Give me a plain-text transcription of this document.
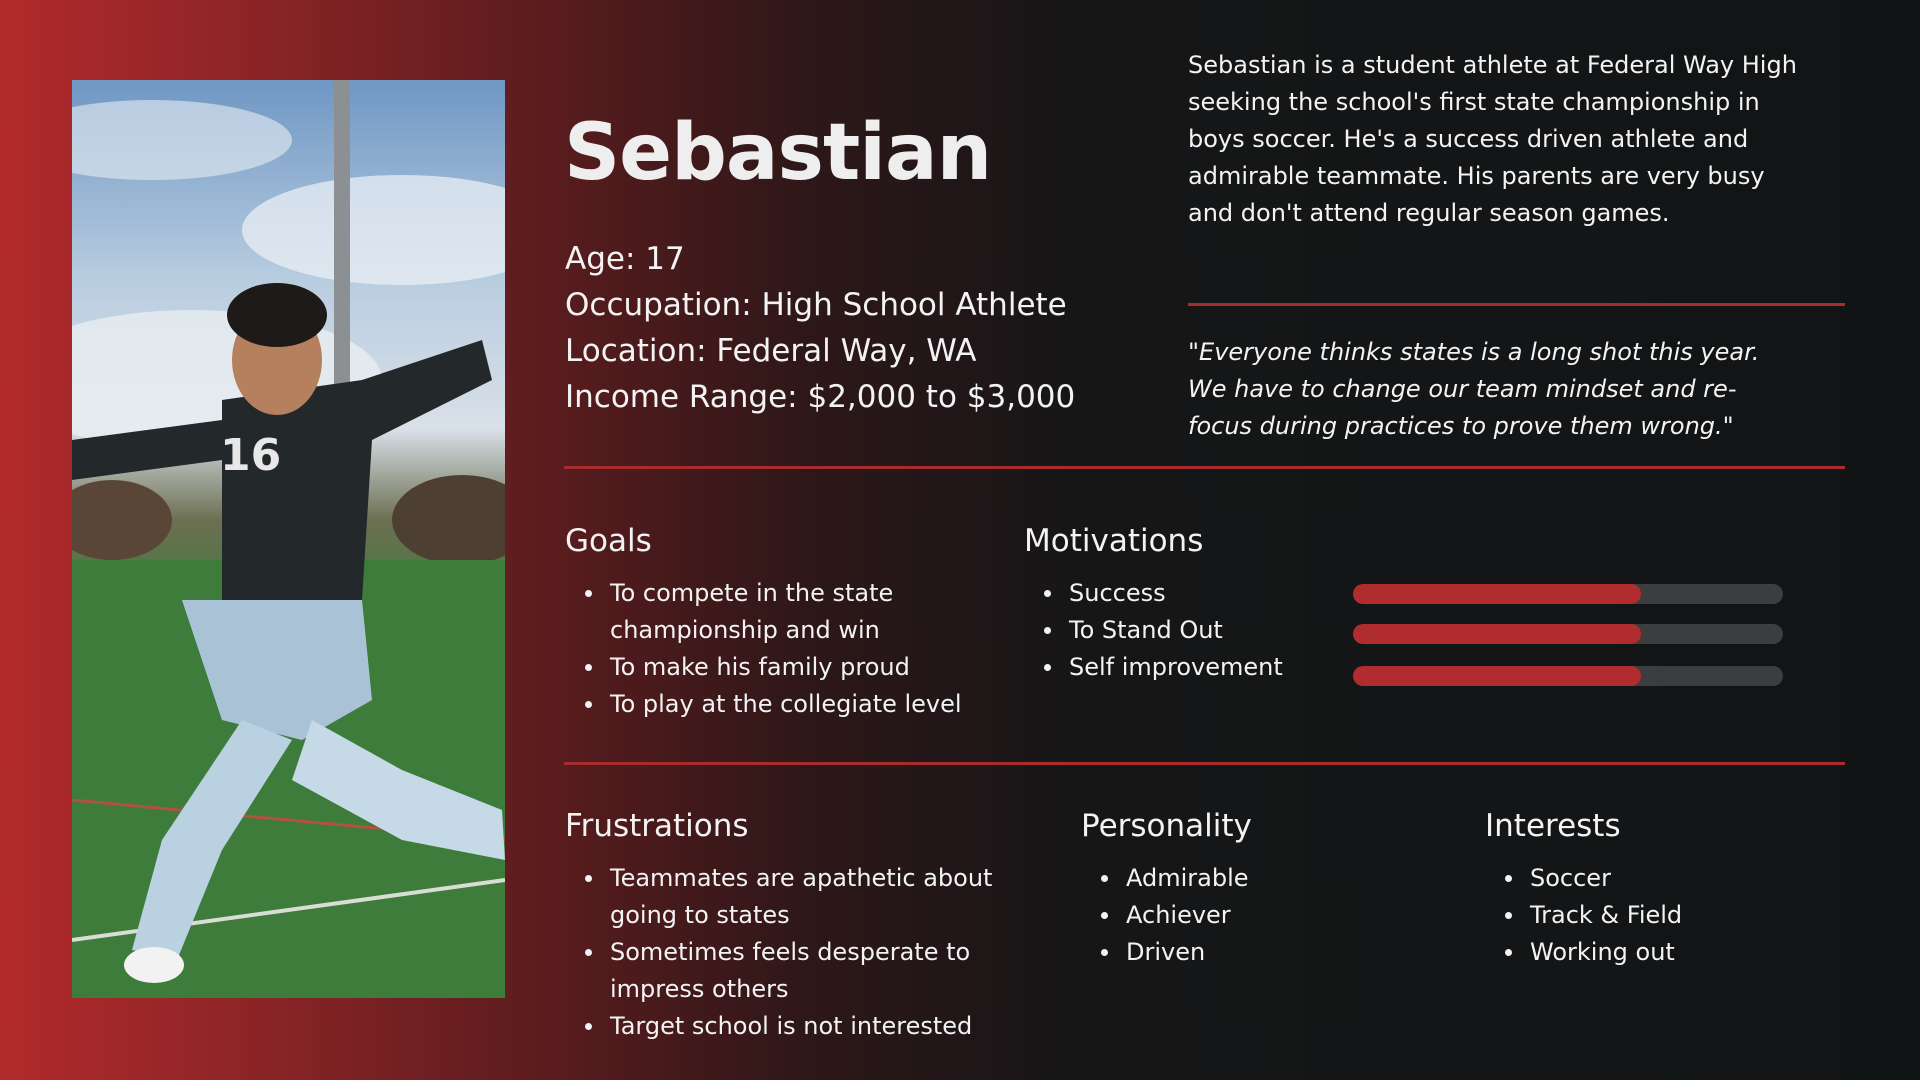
16
Sebastian
Age: 17
Occupation: High School Athlete
Location: Federal Way, WA
Income Range: $2,000 to $3,000
Sebastian is a student athlete at Federal Way High seeking the school's first state championship in boys soccer. He's a success driven athlete and admirable teammate. His parents are very busy and don't attend regular season games.
"Everyone thinks states is a long shot this year. We have to change our team mindset and re-focus during practices to prove them wrong."
Goals
To compete in the state championship and win
To make his family proud
To play at the collegiate level
Motivations
Success
To Stand Out
Self improvement
Frustrations
Teammates are apathetic about going to states
Sometimes feels desperate to impress others
Target school is not interested
Personality
Admirable
Achiever
Driven
Interests
Soccer
Track & Field
Working out
